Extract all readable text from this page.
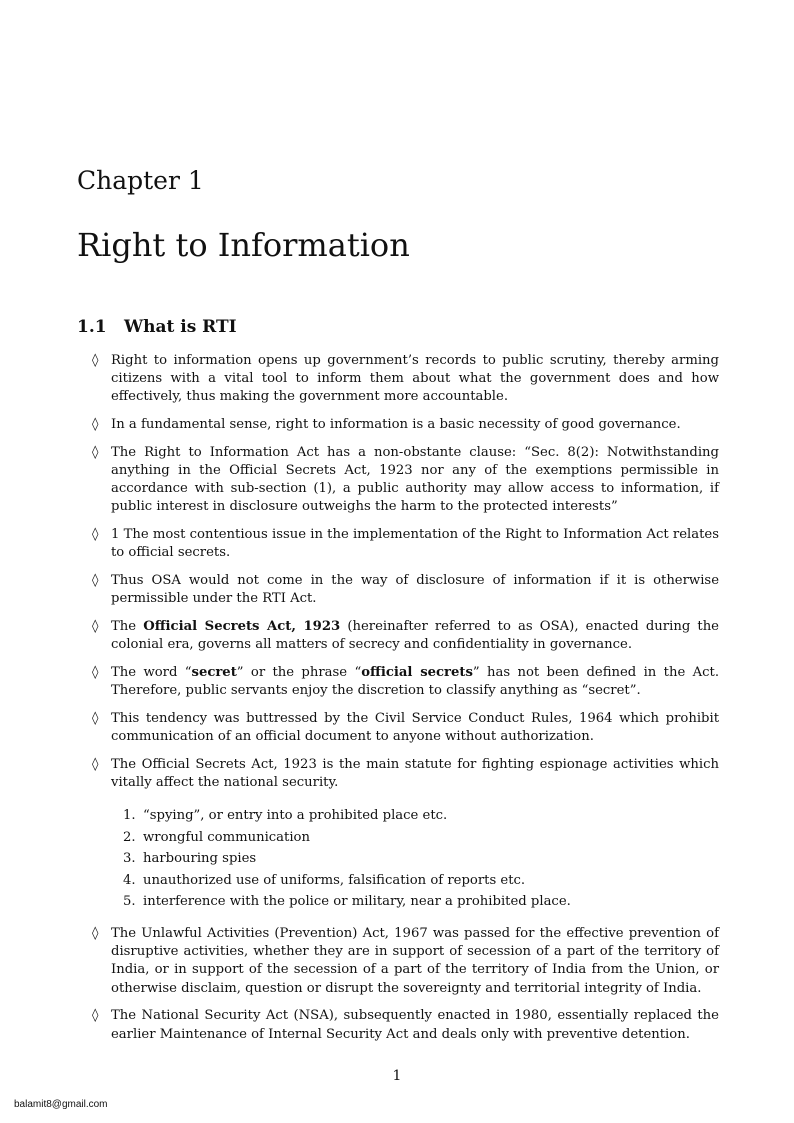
Chapter 1
Right to Information
1.1 What is RTI
◊ Right to information opens up government’s records to public scrutiny, thereby arming citizens with a vital tool to inform them about what the government does and how effectively, thus making the government more accountable.

◊ In a fundamental sense, right to information is a basic necessity of good governance.

◊ The Right to Information Act has a non-obstante clause: “Sec. 8(2): Notwithstanding anything in the Official Secrets Act, 1923 nor any of the exemptions permissible in accordance with sub-section (1), a public authority may allow access to information, if public interest in disclosure outweighs the harm to the protected interests”

◊ 1 The most contentious issue in the implementation of the Right to Information Act relates to official secrets.

◊ Thus OSA would not come in the way of disclosure of information if it is otherwise permissible under the RTI Act.

◊ The Official Secrets Act, 1923 (hereinafter referred to as OSA), enacted during the colonial era, governs all matters of secrecy and confidentiality in governance.

◊ The word “secret” or the phrase “official secrets” has not been defined in the Act. Therefore, public servants enjoy the discretion to classify anything as “secret”.

◊ This tendency was buttressed by the Civil Service Conduct Rules, 1964 which prohibit communication of an official document to anyone without authorization.

◊ The Official Secrets Act, 1923 is the main statute for fighting espionage activities which vitally affect the national security.

1. “spying”, or entry into a prohibited place etc.
2. wrongful communication
3. harbouring spies
4. unauthorized use of uniforms, falsification of reports etc.
5. interference with the police or military, near a prohibited place.
◊ The Unlawful Activities (Prevention) Act, 1967 was passed for the effective prevention of disruptive activities, whether they are in support of secession of a part of the territory of India, or in support of the secession of a part of the territory of India from the Union, or otherwise disclaim, question or disrupt the sovereignty and territorial integrity of India.

◊ The National Security Act (NSA), subsequently enacted in 1980, essentially replaced the earlier Maintenance of Internal Security Act and deals only with preventive detention.

1
balamit8@gmail.com
